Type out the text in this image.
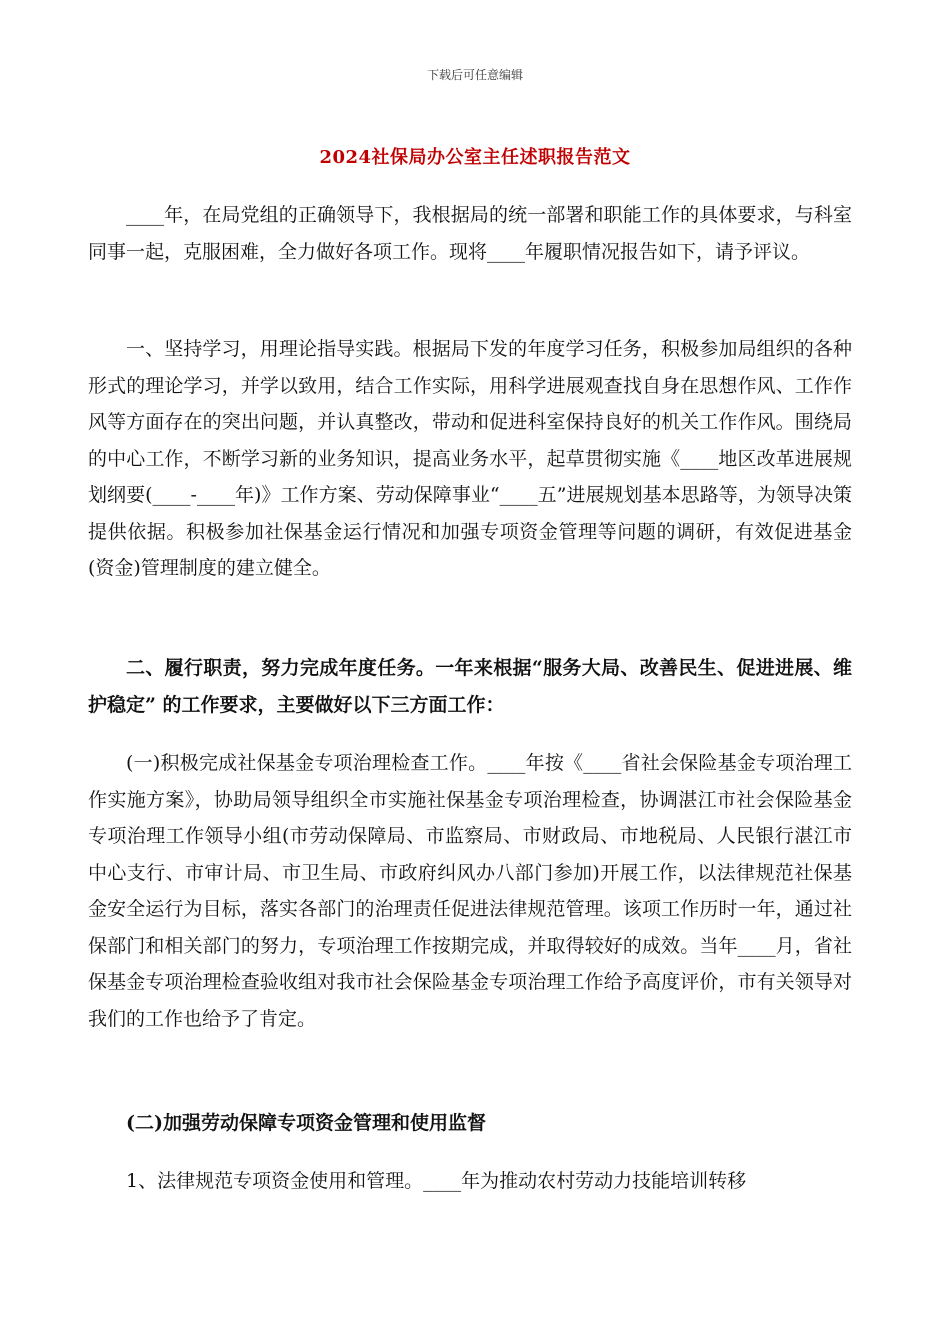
下载后可任意编辑
2024社保局办公室主任述职报告范文

____年，在局党组的正确领导下，我根据局的统一部署和职能工作的具体要求，与科室同事一起，克服困难，全力做好各项工作。现将____年履职情况报告如下，请予评议。

一、坚持学习，用理论指导实践。根据局下发的年度学习任务，积极参加局组织的各种形式的理论学习，并学以致用，结合工作实际，用科学进展观查找自身在思想作风、工作作风等方面存在的突出问题，并认真整改，带动和促进科室保持良好的机关工作作风。围绕局的中心工作，不断学习新的业务知识，提高业务水平，起草贯彻实施《____地区改革进展规划纲要(____-____年)》工作方案、劳动保障事业“____五”进展规划基本思路等，为领导决策提供依据。积极参加社保基金运行情况和加强专项资金管理等问题的调研，有效促进基金(资金)管理制度的建立健全。

二、履行职责，努力完成年度任务。一年来根据“服务大局、改善民生、促进进展、维护稳定” 的工作要求，主要做好以下三方面工作：

(一)积极完成社保基金专项治理检查工作。____年按《____省社会保险基金专项治理工作实施方案》，协助局领导组织全市实施社保基金专项治理检查，协调湛江市社会保险基金专项治理工作领导小组(市劳动保障局、市监察局、市财政局、市地税局、人民银行湛江市中心支行、市审计局、市卫生局、市政府纠风办八部门参加)开展工作，以法律规范社保基金安全运行为目标，落实各部门的治理责任促进法律规范管理。该项工作历时一年，通过社保部门和相关部门的努力，专项治理工作按期完成，并取得较好的成效。当年____月，省社保基金专项治理检查验收组对我市社会保险基金专项治理工作给予高度评价，市有关领导对我们的工作也给予了肯定。

(二)加强劳动保障专项资金管理和使用监督

1、法律规范专项资金使用和管理。____年为推动农村劳动力技能培训转移
